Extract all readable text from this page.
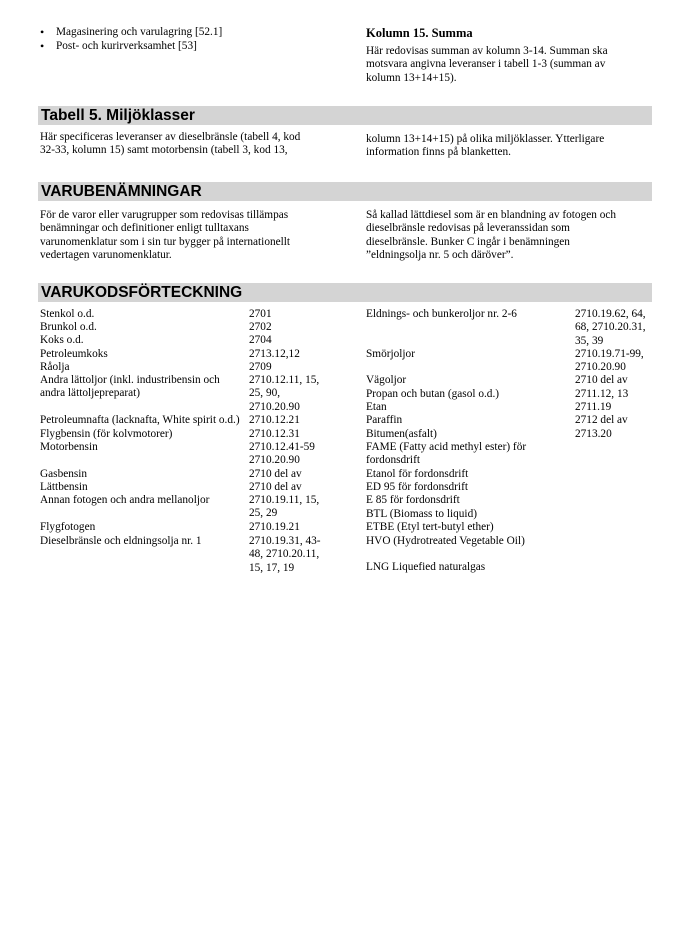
• Magasinering och varulagring [52.1]
• Post- och kurirverksamhet [53]
Kolumn 15. Summa
Här redovisas summan av kolumn 3-14. Summan ska motsvara angivna leveranser i tabell 1-3 (summan av kolumn 13+14+15).
Tabell 5. Miljöklasser
Här specificeras leveranser av dieselbränsle (tabell 4, kod 32-33, kolumn 15) samt motorbensin (tabell 3, kod 13,
kolumn 13+14+15) på olika miljöklasser. Ytterligare information finns på blanketten.
VARUBENÄMNINGAR
För de varor eller varugrupper som redovisas tillämpas benämningar och definitioner enligt tulltaxans varunomenklatur som i sin tur bygger på internationellt vedertagen varunomenklatur.
Så kallad lättdiesel som är en blandning av fotogen och dieselbränsle redovisas på leveranssidan som dieselbränsle. Bunker C ingår i benämningen ”eldningsolja nr. 5 och däröver”.
VARUKODSFÖRTECKNING
Stenkol o.d.	2701
Brunkol o.d.	2702
Koks o.d.	2704
Petroleumkoks	2713.12,12
Råolja	2709
Andra lättoljor (inkl. industribensin och andra lättoljepreparat)
2710.12.11, 15, 25, 90, 2710.20.90
Petroleumnafta (lacknafta, White spirit o.d.) 2710.12.21
Flygbensin (för kolvmotorer)	2710.12.31
Motorbensin	2710.12.41-59 2710.20.90
Gasbensin	2710 del av
Lättbensin	2710 del av
Annan fotogen och andra mellanoljor	2710.19.11, 15, 25, 29
Flygfotogen	2710.19.21
Dieselbränsle och eldningsolja nr. 1	2710.19.31, 43-48, 2710.20.11, 15, 17, 19
Eldnings- och bunkeroljor nr. 2-6	2710.19.62, 64, 68, 2710.20.31, 35, 39
Smörjoljor	2710.19.71-99, 2710.20.90
Vägoljor	2710 del av
Propan och butan (gasol o.d.)	2711.12, 13
Etan	2711.19
Paraffin	2712 del av
Bitumen(asfalt)	2713.20
FAME (Fatty acid methyl ester) för fordonsdrift
Etanol för fordonsdrift
ED 95 för fordonsdrift
E 85 för fordonsdrift
BTL (Biomass to liquid)
ETBE (Etyl tert-butyl ether)
HVO (Hydrotreated Vegetable Oil)
LNG Liquefied naturalgas
